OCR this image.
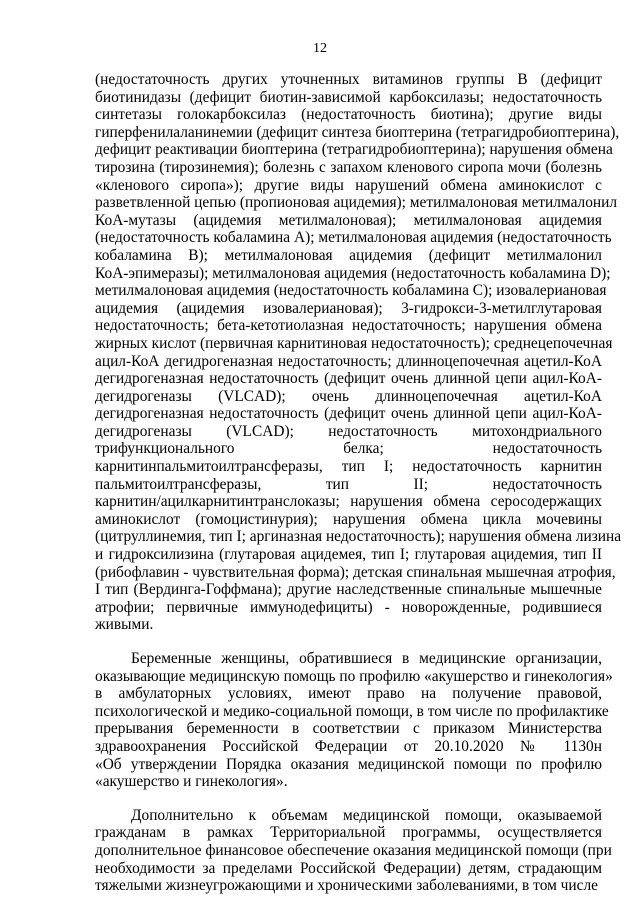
12
(недостаточность других уточненных витаминов группы В (дефицит
биотинидазы (дефицит биотин-зависимой карбоксилазы; недостаточность
синтетазы голокарбоксилаз (недостаточность биотина); другие виды
гиперфенилаланинемии (дефицит синтеза биоптерина (тетрагидробиоптерина),
дефицит реактивации биоптерина (тетрагидробиоптерина); нарушения обмена
тирозина (тирозинемия); болезнь с запахом кленового сиропа мочи (болезнь
«кленового сиропа»); другие виды нарушений обмена аминокислот с
разветвленной цепью (пропионовая ацидемия); метилмалоновая метилмалонил
КоА-мутазы (ацидемия метилмалоновая); метилмалоновая ацидемия
(недостаточность кобаламина А); метилмалоновая ацидемия (недостаточность
кобаламина В); метилмалоновая ацидемия (дефицит метилмалонил
КоА-эпимеразы); метилмалоновая ацидемия (недостаточность кобаламина D);
метилмалоновая ацидемия (недостаточность кобаламина С); изовалериановая
ацидемия (ацидемия изовалериановая); 3-гидрокси-3-метилглутаровая
недостаточность; бета-кетотиолазная недостаточность; нарушения обмена
жирных кислот (первичная карнитиновая недостаточность); среднецепочечная
ацил-КоА дегидрогеназная недостаточность; длинноцепочечная ацетил-КоА
дегидрогеназная недостаточность (дефицит очень длинной цепи ацил-КоА-
дегидрогеназы (VLCAD); очень длинноцепочечная ацетил-КоА
дегидрогеназная недостаточность (дефицит очень длинной цепи ацил-КоА-
дегидрогеназы (VLCAD); недостаточность митохондриального
трифункционального белка; недостаточность
карнитинпальмитоилтрансферазы, тип I; недостаточность карнитин
пальмитоилтрансферазы, тип II; недостаточность
карнитин/ацилкарнитинтранслоказы; нарушения обмена серосодержащих
аминокислот (гомоцистинурия); нарушения обмена цикла мочевины
(цитруллинемия, тип I; аргиназная недостаточность); нарушения обмена лизина
и гидроксилизина (глутаровая ацидемея, тип I; глутаровая ацидемия, тип II
(рибофлавин - чувствительная форма); детская спинальная мышечная атрофия,
I тип (Вердинга-Гоффмана); другие наследственные спинальные мышечные
атрофии; первичные иммунодефициты) - новорожденные, родившиеся
живыми.
Беременные женщины, обратившиеся в медицинские организации,
оказывающие медицинскую помощь по профилю «акушерство и гинекология»
в амбулаторных условиях, имеют право на получение правовой,
психологической и медико-социальной помощи, в том числе по профилактике
прерывания беременности в соответствии с приказом Министерства
здравоохранения Российской Федерации от 20.10.2020 № 1130н
«Об утверждении Порядка оказания медицинской помощи по профилю
«акушерство и гинекология».
Дополнительно к объемам медицинской помощи, оказываемой
гражданам в рамках Территориальной программы, осуществляется
дополнительное финансовое обеспечение оказания медицинской помощи (при
необходимости за пределами Российской Федерации) детям, страдающим
тяжелыми жизнеугрожающими и хроническими заболеваниями, в том числе
